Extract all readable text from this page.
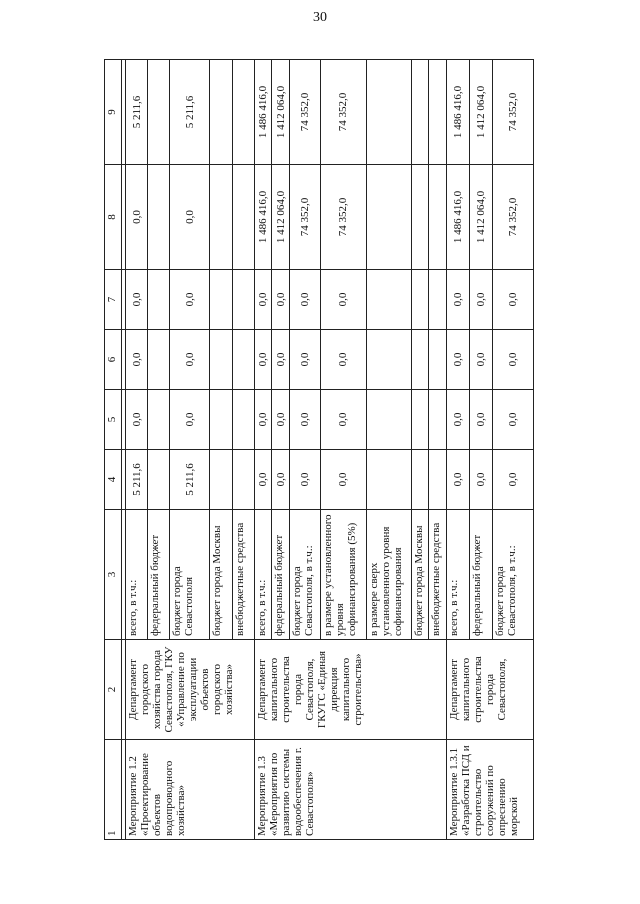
30
1	2	3	4	5	6	7	8	9

Мероприятие 1.2 «Проектирование объектов водопроводного хозяйства»	Департамент городского хозяйства города Севастополя, ГКУ «Управление по эксплуатации объектов городского хозяйства»	всего, в т.ч.:	5 211,6	0,0	0,0	0,0	0,0	5 211,6
		федеральный бюджет						
		бюджет города Севастополя	5 211,6	0,0	0,0	0,0	0,0	5 211,6
		бюджет города Москвы						
		внебюджетные средства						
Мероприятие 1.3 «Мероприятия по развитию системы водообеспечения г. Севастополя»	Департамент капитального строительства города Севастополя, ГКУГС «Единая дирекция капитального строительства»	всего, в т.ч.:	0,0	0,0	0,0	0,0	1 486 416,0	1 486 416,0
		федеральный бюджет	0,0	0,0	0,0	0,0	1 412 064,0	1 412 064,0
		бюджет города Севастополя, в т.ч.:	0,0	0,0	0,0	0,0	74 352,0	74 352,0
		в размере установленного уровня софинансирования (5%)	0,0	0,0	0,0	0,0	74 352,0	74 352,0
		в размере сверх установленного уровня софинансирования						
		бюджет города Москвы						
		внебюджетные средства						
Мероприятие 1.3.1 «Разработка ПСД и строительство сооружений по опреснению морской	Департамент капитального строительства города Севастополя,	всего, в т.ч.:	0,0	0,0	0,0	0,0	1 486 416,0	1 486 416,0
		федеральный бюджет	0,0	0,0	0,0	0,0	1 412 064,0	1 412 064,0
		бюджет города Севастополя, в т.ч.:	0,0	0,0	0,0	0,0	74 352,0	74 352,0
